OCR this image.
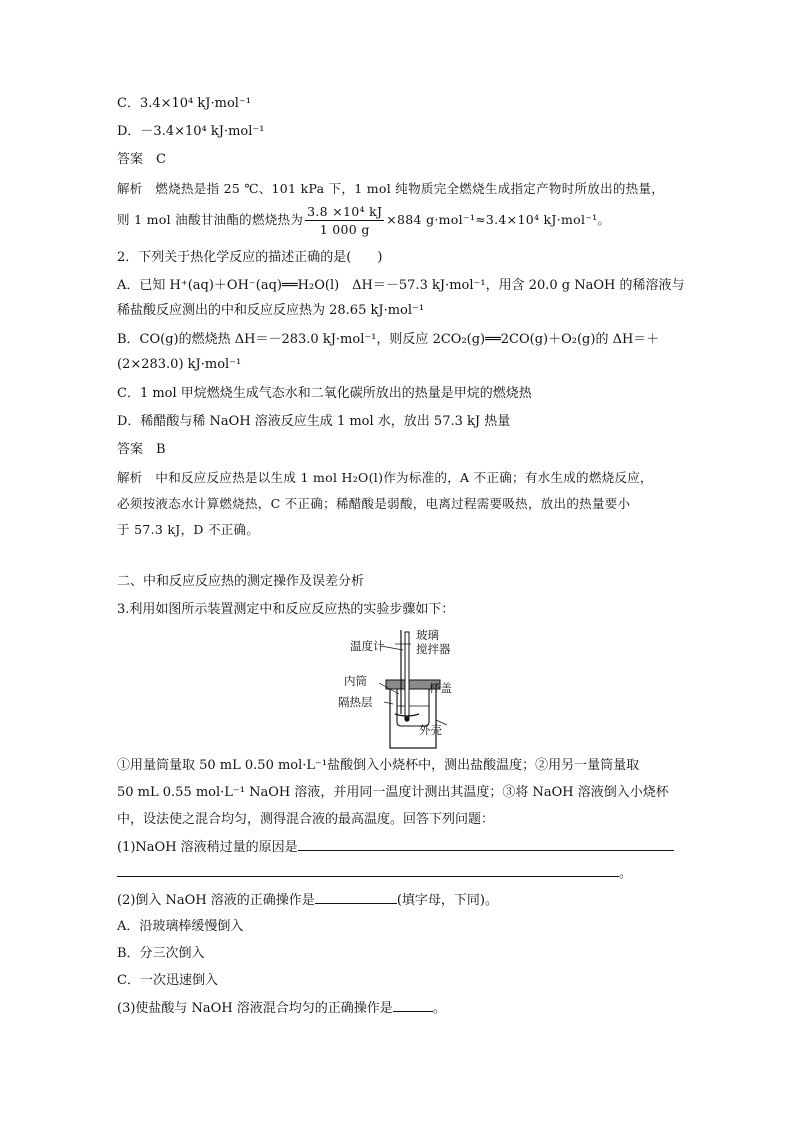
C．3.4×10⁴ kJ·mol⁻¹
D．－3.4×10⁴ kJ·mol⁻¹
答案　C
解析　燃烧热是指 25 ℃、101 kPa 下，1 mol 纯物质完全燃烧生成指定产物时所放出的热量，
则 1 mol 油酸甘油酯的燃烧热为 $\frac{\text{3.8 ×10⁴ kJ}}{1 000 g} \times 884$ g·mol⁻¹≈3.4×10⁴ kJ·mol⁻¹。
2．下列关于热化学反应的描述正确的是(　　)
A．已知 H⁺(aq)＋OH⁻(aq)══H₂O(l)　ΔH＝－57.3 kJ·mol⁻¹，用含 20.0 g NaOH 的稀溶液与
稀盐酸反应测出的中和反应反应热为 28.65 kJ·mol⁻¹
B．CO(g)的燃烧热 ΔH＝－283.0 kJ·mol⁻¹，则反应 2CO₂(g)══2CO(g)＋O₂(g)的 ΔH＝＋
(2×283.0) kJ·mol⁻¹
C．1 mol 甲烷燃烧生成气态水和二氧化碳所放出的热量是甲烷的燃烧热
D．稀醋酸与稀 NaOH 溶液反应生成 1 mol 水，放出 57.3 kJ 热量
答案　B
解析　中和反应反应热是以生成 1 mol H₂O(l)作为标准的，A 不正确；有水生成的燃烧反应，
必须按液态水计算燃烧热，C 不正确；稀醋酸是弱酸，电离过程需要吸热，放出的热量要小
于 57.3 kJ，D 不正确。
二、中和反应反应热的测定操作及误差分析
3.利用如图所示装置测定中和反应反应热的实验步骤如下：
温度计
玻璃
搅拌器
内筒	杯盖
隔热层
外壳
①用量筒量取 50 mL 0.50 mol·L⁻¹盐酸倒入小烧杯中，测出盐酸温度；②用另一量筒量取
50 mL 0.55 mol·L⁻¹ NaOH 溶液，并用同一温度计测出其温度；③将 NaOH 溶液倒入小烧杯
中，设法使之混合均匀，测得混合液的最高温度。回答下列问题：
(1)NaOH 溶液稍过量的原因是
。
(2)倒入 NaOH 溶液的正确操作是	(填字母，下同)。
A．沿玻璃棒缓慢倒入
B．分三次倒入
C．一次迅速倒入
(3)使盐酸与 NaOH 溶液混合均匀的正确操作是	。
